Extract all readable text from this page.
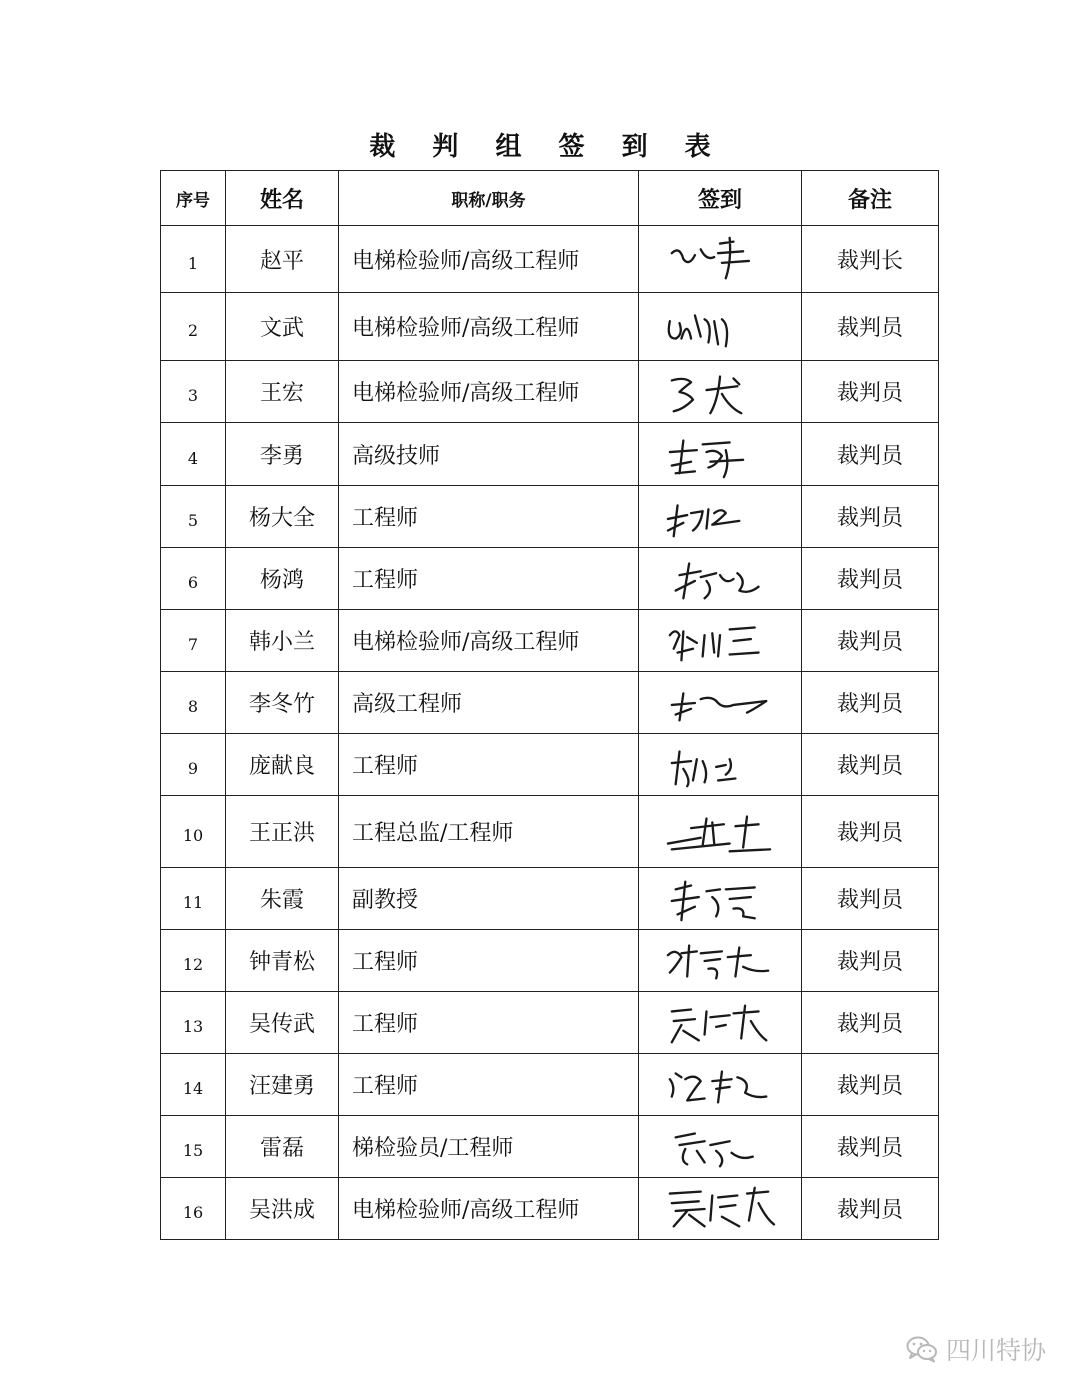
裁 判 组 签 到 表
序号	姓名	职称/职务	签到	备注
1	赵平	电梯检验师/高级工程师		裁判长
2	文武	电梯检验师/高级工程师		裁判员
3	王宏	电梯检验师/高级工程师		裁判员
4	李勇	高级技师		裁判员
5	杨大全	工程师		裁判员
6	杨鸿	工程师		裁判员
7	韩小兰	电梯检验师/高级工程师		裁判员
8	李冬竹	高级工程师		裁判员
9	庞献良	工程师		裁判员
10	王正洪	工程总监/工程师		裁判员
11	朱霞	副教授		裁判员
12	钟青松	工程师		裁判员
13	吴传武	工程师		裁判员
14	汪建勇	工程师		裁判员
15	雷磊	梯检验员/工程师		裁判员
16	吴洪成	电梯检验师/高级工程师		裁判员
四川特协
